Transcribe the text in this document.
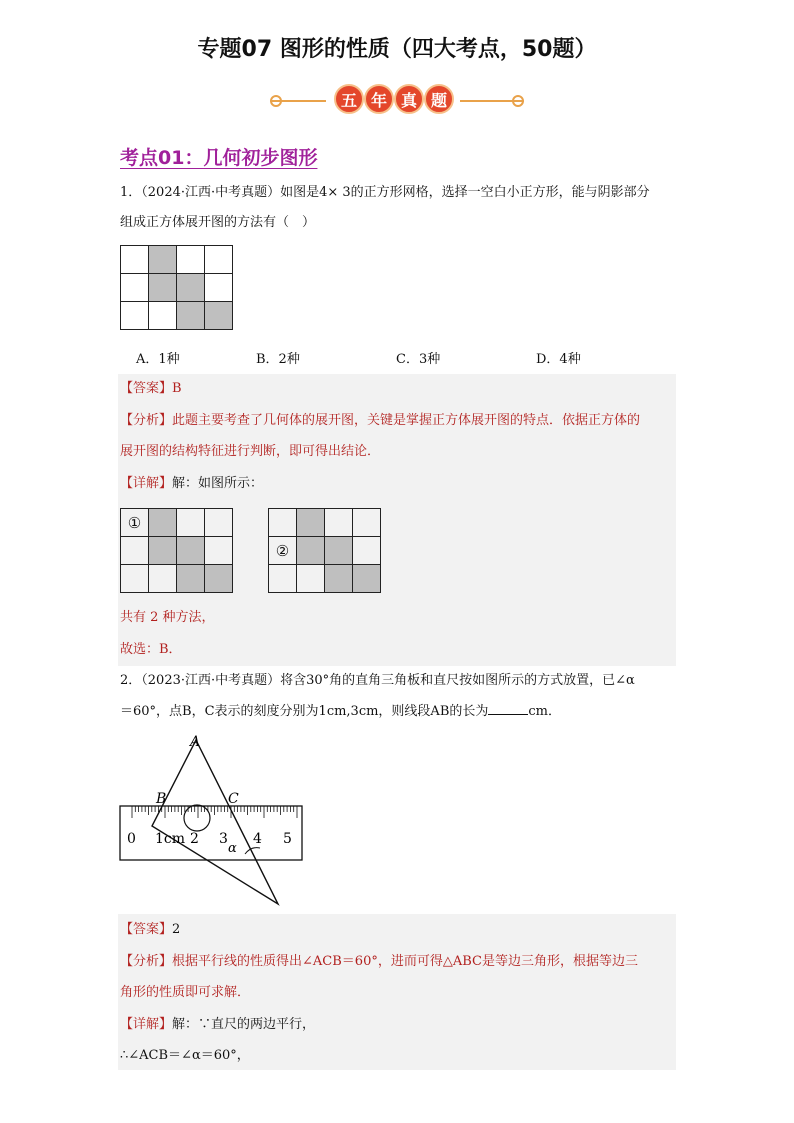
专题07 图形的性质（四大考点，50题）
五 年 真 题
考点01：几何初步图形
1．（2024·江西·中考真题）如图是4× 3的正方形网格，选择一空白小正方形，能与阴影部分
组成正方体展开图的方法有（　）

A．1种	B．2种	C．3种	D．4种
【答案】B
【分析】此题主要考查了几何体的展开图，关键是掌握正方体展开图的特点．依据正方体的
展开图的结构特征进行判断，即可得出结论．
【详解】解：如图所示：
①			

②			

共有 2 种方法，
故选：B．
2．（2023·江西·中考真题）将含30°角的直角三角板和直尺按如图所示的方式放置，已∠α
＝60°，点B，C表示的刻度分别为1cm,3cm，则线段AB的长为	cm．
A
B	C
α
0 1cm 2 3 4 5
【答案】2
【分析】根据平行线的性质得出∠ACB＝60°，进而可得△ABC是等边三角形，根据等边三
角形的性质即可求解．
【详解】解：∵直尺的两边平行，
∴∠ACB＝∠α＝60°，
